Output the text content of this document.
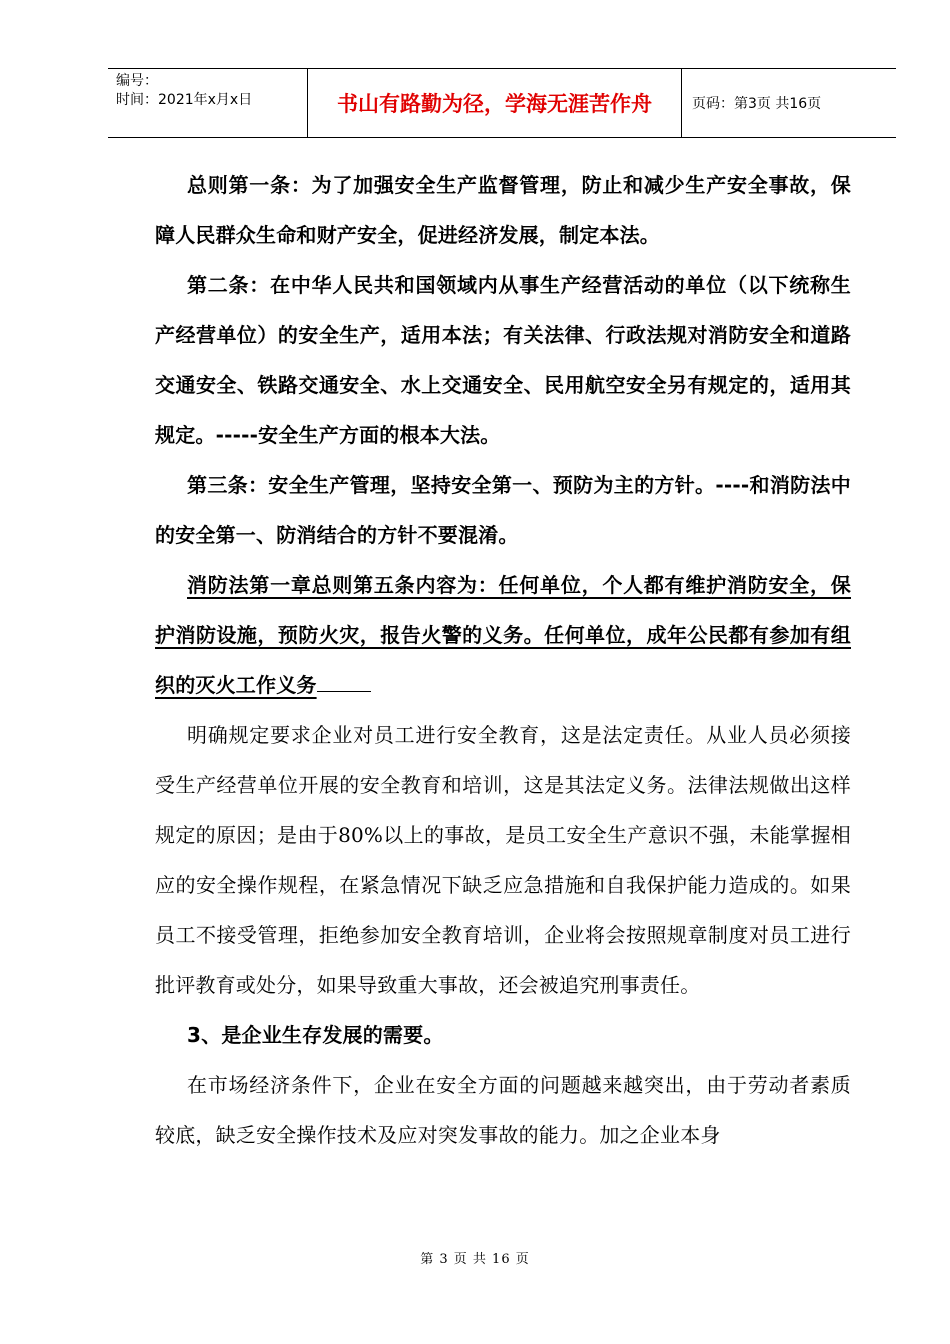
编号：
时间：2021年x月x日	书山有路勤为径，学海无涯苦作舟	页码：第3页 共16页

总则第一条：为了加强安全生产监督管理，防止和减少生产安全事故，保障人民群众生命和财产安全，促进经济发展，制定本法。

第二条：在中华人民共和国领域内从事生产经营活动的单位（以下统称生产经营单位）的安全生产，适用本法；有关法律、行政法规对消防安全和道路交通安全、铁路交通安全、水上交通安全、民用航空安全另有规定的，适用其规定。-----安全生产方面的根本大法。

第三条：安全生产管理，坚持安全第一、预防为主的方针。----和消防法中的安全第一、防消结合的方针不要混淆。

消防法第一章总则第五条内容为：任何单位，个人都有维护消防安全，保护消防设施，预防火灾，报告火警的义务。任何单位，成年公民都有参加有组织的灭火工作义务

明确规定要求企业对员工进行安全教育，这是法定责任。从业人员必须接受生产经营单位开展的安全教育和培训，这是其法定义务。法律法规做出这样规定的原因；是由于80%以上的事故，是员工安全生产意识不强，未能掌握相应的安全操作规程，在紧急情况下缺乏应急措施和自我保护能力造成的。如果员工不接受管理，拒绝参加安全教育培训，企业将会按照规章制度对员工进行批评教育或处分，如果导致重大事故，还会被追究刑事责任。

3、是企业生存发展的需要。

在市场经济条件下，企业在安全方面的问题越来越突出，由于劳动者素质较底，缺乏安全操作技术及应对突发事故的能力。加之企业本身

第 3 页 共 16 页
